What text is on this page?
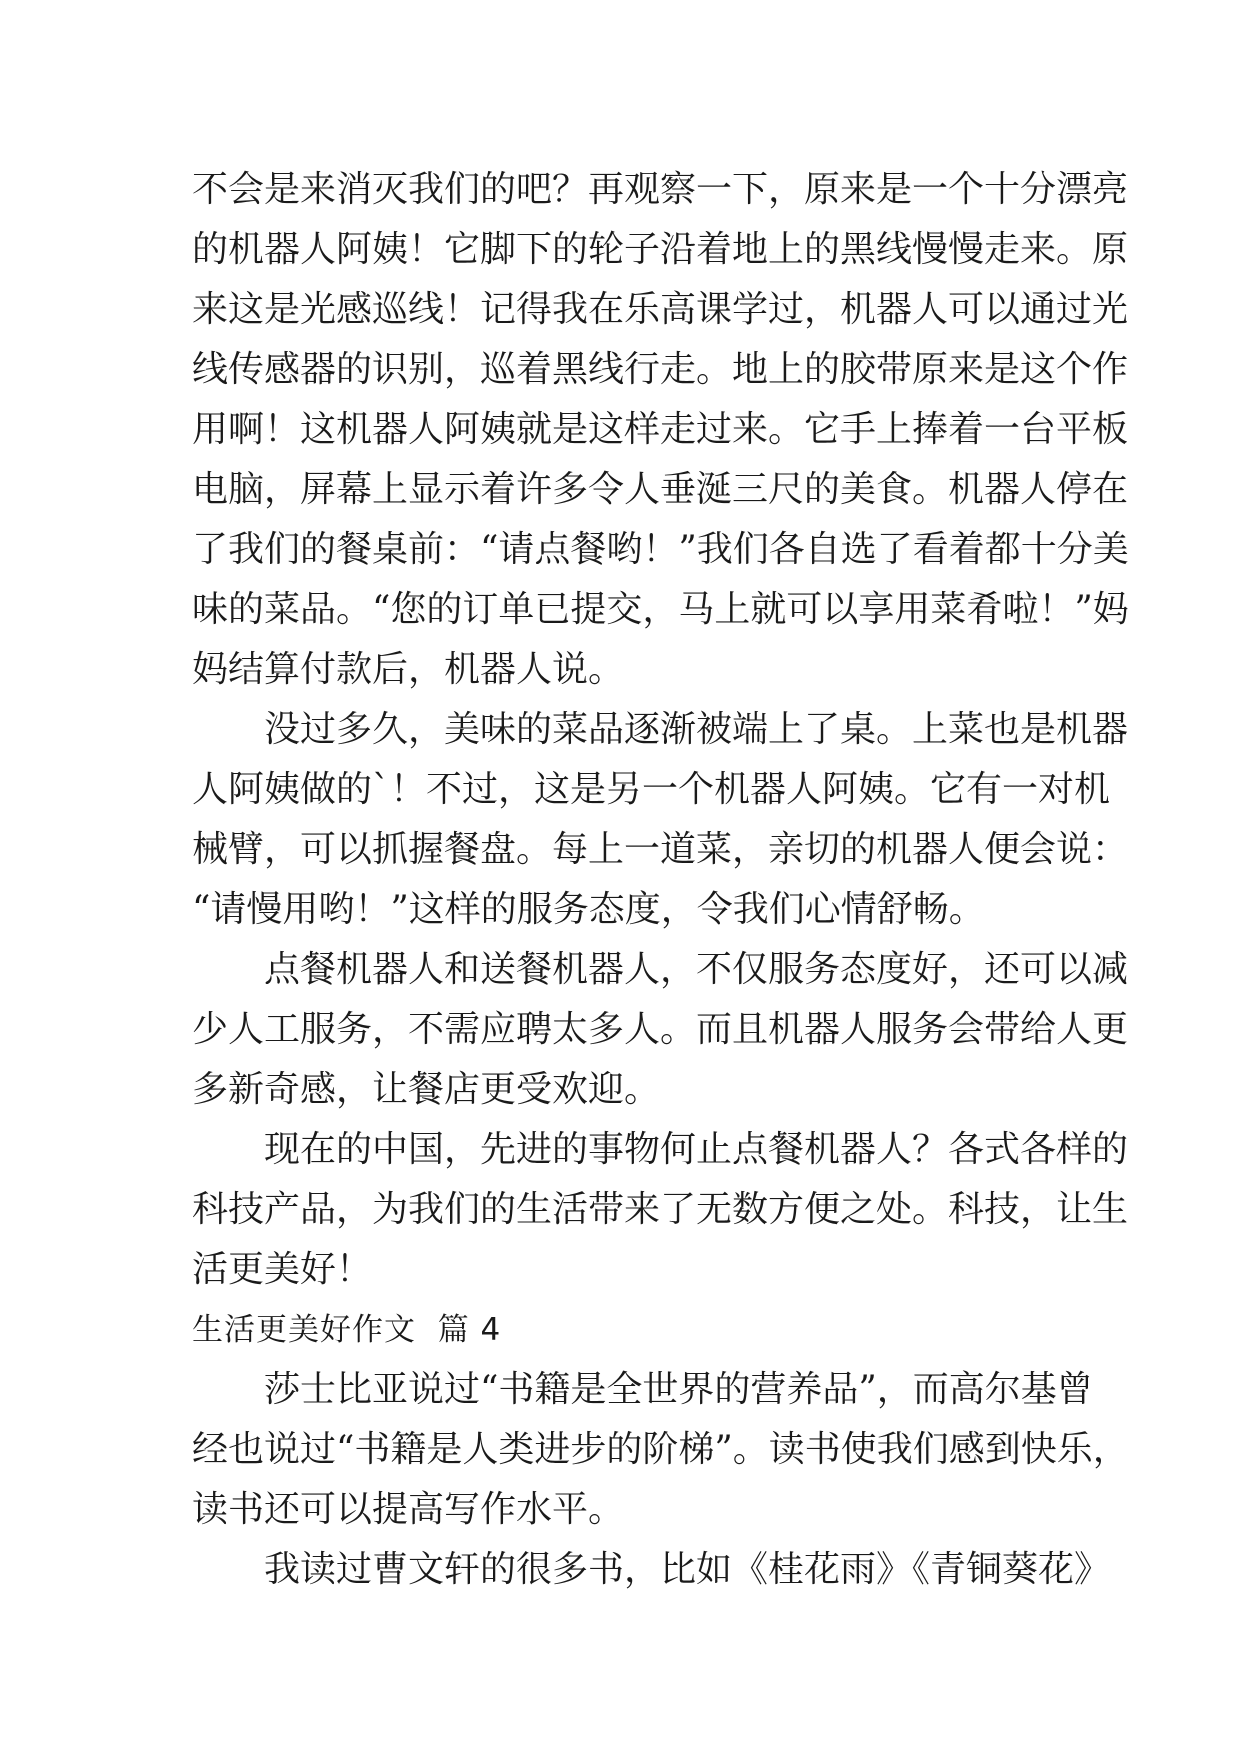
不会是来消灭我们的吧？再观察一下，原来是一个十分漂亮
的机器人阿姨！它脚下的轮子沿着地上的黑线慢慢走来。原
来这是光感巡线！记得我在乐高课学过，机器人可以通过光
线传感器的识别，巡着黑线行走。地上的胶带原来是这个作
用啊！这机器人阿姨就是这样走过来。它手上捧着一台平板
电脑，屏幕上显示着许多令人垂涎三尺的美食。机器人停在
了我们的餐桌前：“请点餐哟！”我们各自选了看着都十分美
味的菜品。“您的订单已提交，马上就可以享用菜肴啦！”妈
妈结算付款后，机器人说。
　　没过多久，美味的菜品逐渐被端上了桌。上菜也是机器
人阿姨做的`！不过，这是另一个机器人阿姨。它有一对机
械臂，可以抓握餐盘。每上一道菜，亲切的机器人便会说：
“请慢用哟！”这样的服务态度，令我们心情舒畅。
　　点餐机器人和送餐机器人，不仅服务态度好，还可以减
少人工服务，不需应聘太多人。而且机器人服务会带给人更
多新奇感，让餐店更受欢迎。
　　现在的中国，先进的事物何止点餐机器人？各式各样的
科技产品，为我们的生活带来了无数方便之处。科技，让生
活更美好！
生活更美好作文  篇 4
　　莎士比亚说过“书籍是全世界的营养品”，而高尔基曾
经也说过“书籍是人类进步的阶梯”。读书使我们感到快乐，
读书还可以提高写作水平。
　　我读过曹文轩的很多书，比如《桂花雨》《青铜葵花》
